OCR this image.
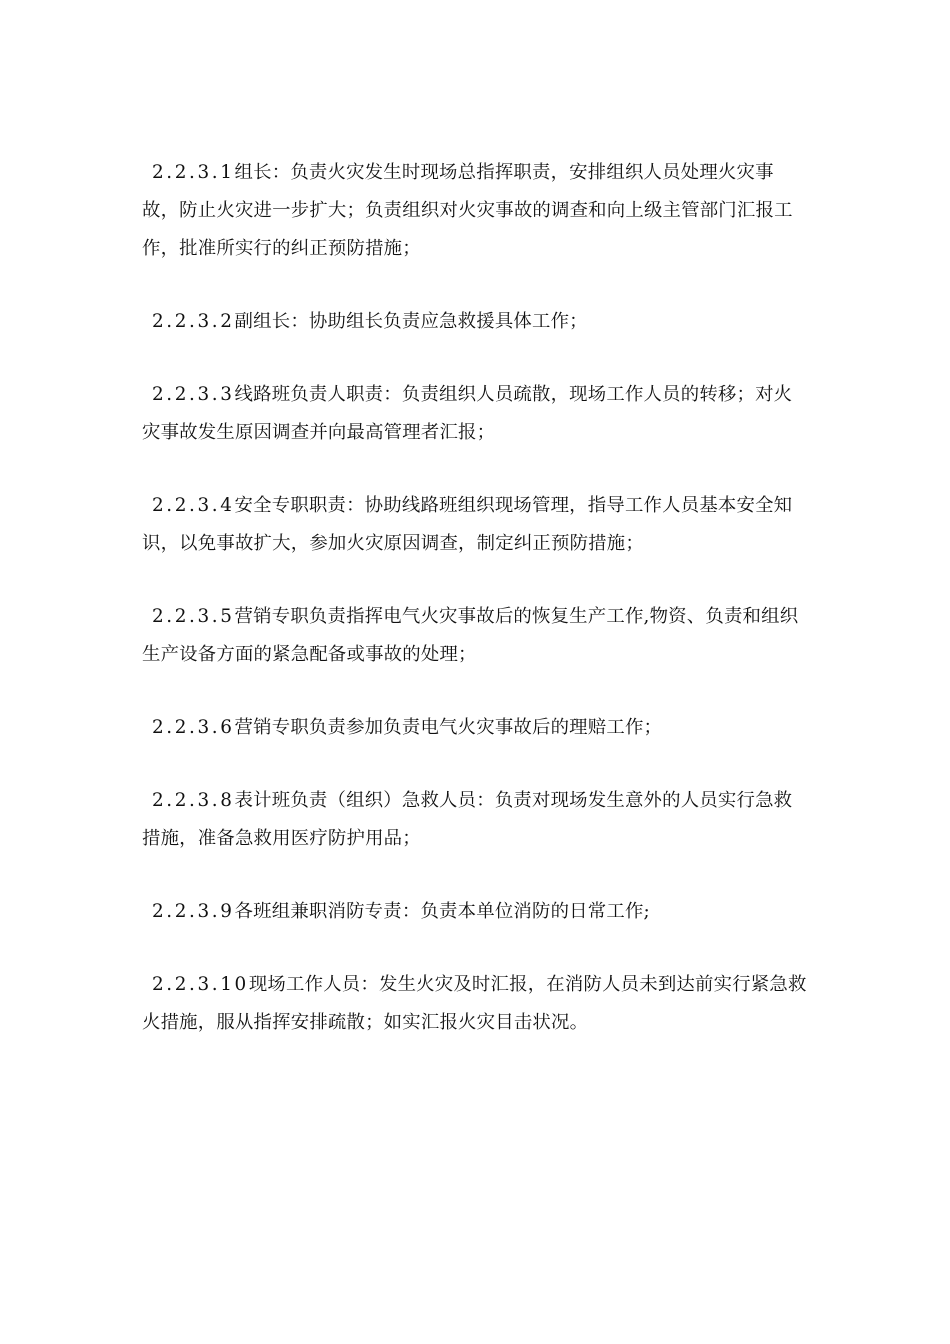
2.2.3.1组长：负责火灾发生时现场总指挥职责，安排组织人员处理火灾事故，防止火灾进一步扩大；负责组织对火灾事故的调查和向上级主管部门汇报工作，批准所实行的纠正预防措施；

2.2.3.2副组长：协助组长负责应急救援具体工作；

2.2.3.3线路班负责人职责：负责组织人员疏散，现场工作人员的转移；对火灾事故发生原因调查并向最高管理者汇报；

2.2.3.4安全专职职责：协助线路班组织现场管理，指导工作人员基本安全知识，以免事故扩大，参加火灾原因调查，制定纠正预防措施；

2.2.3.5营销专职负责指挥电气火灾事故后的恢复生产工作,物资、负责和组织生产设备方面的紧急配备或事故的处理；

2.2.3.6营销专职负责参加负责电气火灾事故后的理赔工作；

2.2.3.8表计班负责（组织）急救人员：负责对现场发生意外的人员实行急救措施，准备急救用医疗防护用品；

2.2.3.9各班组兼职消防专责：负责本单位消防的日常工作;

2.2.3.10现场工作人员：发生火灾及时汇报，在消防人员未到达前实行紧急救火措施，服从指挥安排疏散；如实汇报火灾目击状况。
